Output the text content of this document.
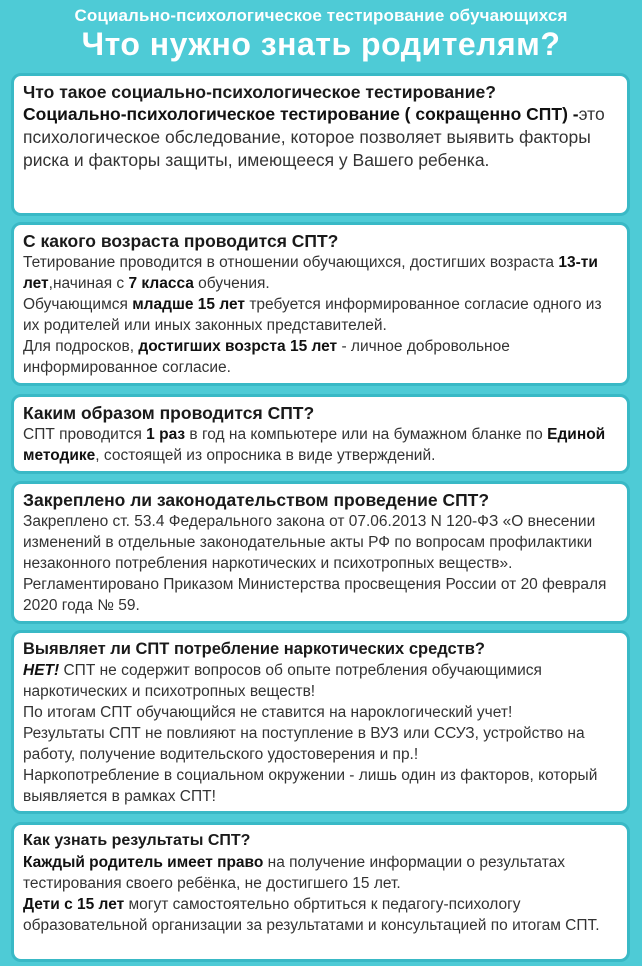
Социально-психологическое тестирование обучающихся
Что нужно знать родителям?
Что такое социально-психологическое тестирование?
Социально-психологическое тестирование ( сокращенно СПТ) -это психологическое обследование, которое позволяет выявить факторы риска и факторы защиты, имеющееся у Вашего ребенка.
С какого возраста проводится СПТ?
Тетирование проводится в отношении обучающихся, достигших возраста 13-ти лет,начиная с 7 класса обучения.
Обучающимся младше 15 лет требуется информированное согласие одного из их родителей или иных законных представителей.
Для подросков, достигших возрста 15 лет - личное добровольное информированное согласие.
Каким образом проводится СПТ?
СПТ проводится 1 раз в год на компьютере или на бумажном бланке по Единой методике, состоящей из опросника в виде утверждений.
Закреплено ли законодательством проведение СПТ?
Закреплено ст. 53.4 Федерального закона от 07.06.2013 N 120-ФЗ «О внесении изменений в отдельные законодательные акты РФ по вопросам профилактики незаконного потребления наркотических и психотропных веществ». Регламентировано Приказом Министерства просвещения России от 20 февраля 2020 года № 59.
Выявляет ли СПТ потребление наркотических средств?
НЕТ! СПТ не содержит вопросов об опыте потребления обучающимися наркотических и психотропных веществ!
По итогам СПТ обучающийся не ставится на нароклогический учет!
Результаты СПТ не повлияют на поступление в ВУЗ или ССУЗ, устройство на работу, получение водительского удостоверения и пр.!
Наркопотребление в социальном окружении - лишь один из факторов, который выявляется в рамках СПТ!
Как узнать результаты СПТ?
Каждый родитель имеет право на получение информации о результатах тестирования своего ребёнка, не достигшего 15 лет.
Дети с 15 лет могут самостоятельно обртиться к педагогу-психологу образовательной организации за результатами и консультацией по итогам СПТ.
